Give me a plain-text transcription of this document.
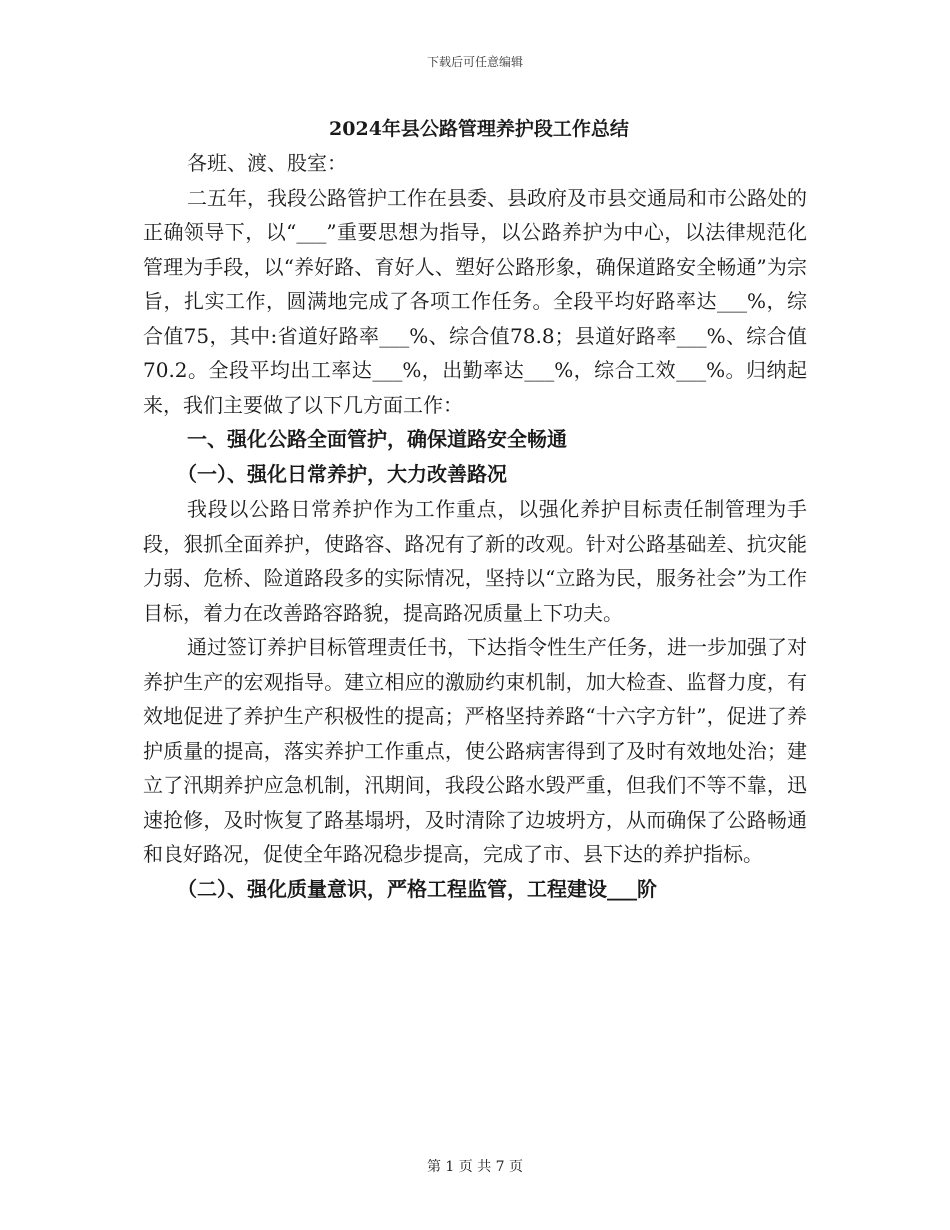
下载后可任意编辑
2024年县公路管理养护段工作总结

各班、渡、股室：

二五年，我段公路管护工作在县委、县政府及市县交通局和市公路处的正确领导下，以“___”重要思想为指导，以公路养护为中心，以法律规范化管理为手段，以“养好路、育好人、塑好公路形象，确保道路安全畅通”为宗旨，扎实工作，圆满地完成了各项工作任务。全段平均好路率达___%，综合值75，其中:省道好路率___%、综合值78.8；县道好路率___%、综合值70.2。全段平均出工率达___%，出勤率达___%，综合工效___%。归纳起来，我们主要做了以下几方面工作：

一、强化公路全面管护，确保道路安全畅通

（一）、强化日常养护，大力改善路况

我段以公路日常养护作为工作重点，以强化养护目标责任制管理为手段，狠抓全面养护，使路容、路况有了新的改观。针对公路基础差、抗灾能力弱、危桥、险道路段多的实际情况，坚持以“立路为民，服务社会”为工作目标，着力在改善路容路貌，提高路况质量上下功夫。

通过签订养护目标管理责任书，下达指令性生产任务，进一步加强了对养护生产的宏观指导。建立相应的激励约束机制，加大检查、监督力度，有效地促进了养护生产积极性的提高；严格坚持养路“十六字方针”，促进了养护质量的提高，落实养护工作重点，使公路病害得到了及时有效地处治；建立了汛期养护应急机制，汛期间，我段公路水毁严重，但我们不等不靠，迅速抢修，及时恢复了路基塌坍，及时清除了边坡坍方，从而确保了公路畅通和良好路况，促使全年路况稳步提高，完成了市、县下达的养护指标。

（二）、强化质量意识，严格工程监管，工程建设___阶

第 1 页 共 7 页
